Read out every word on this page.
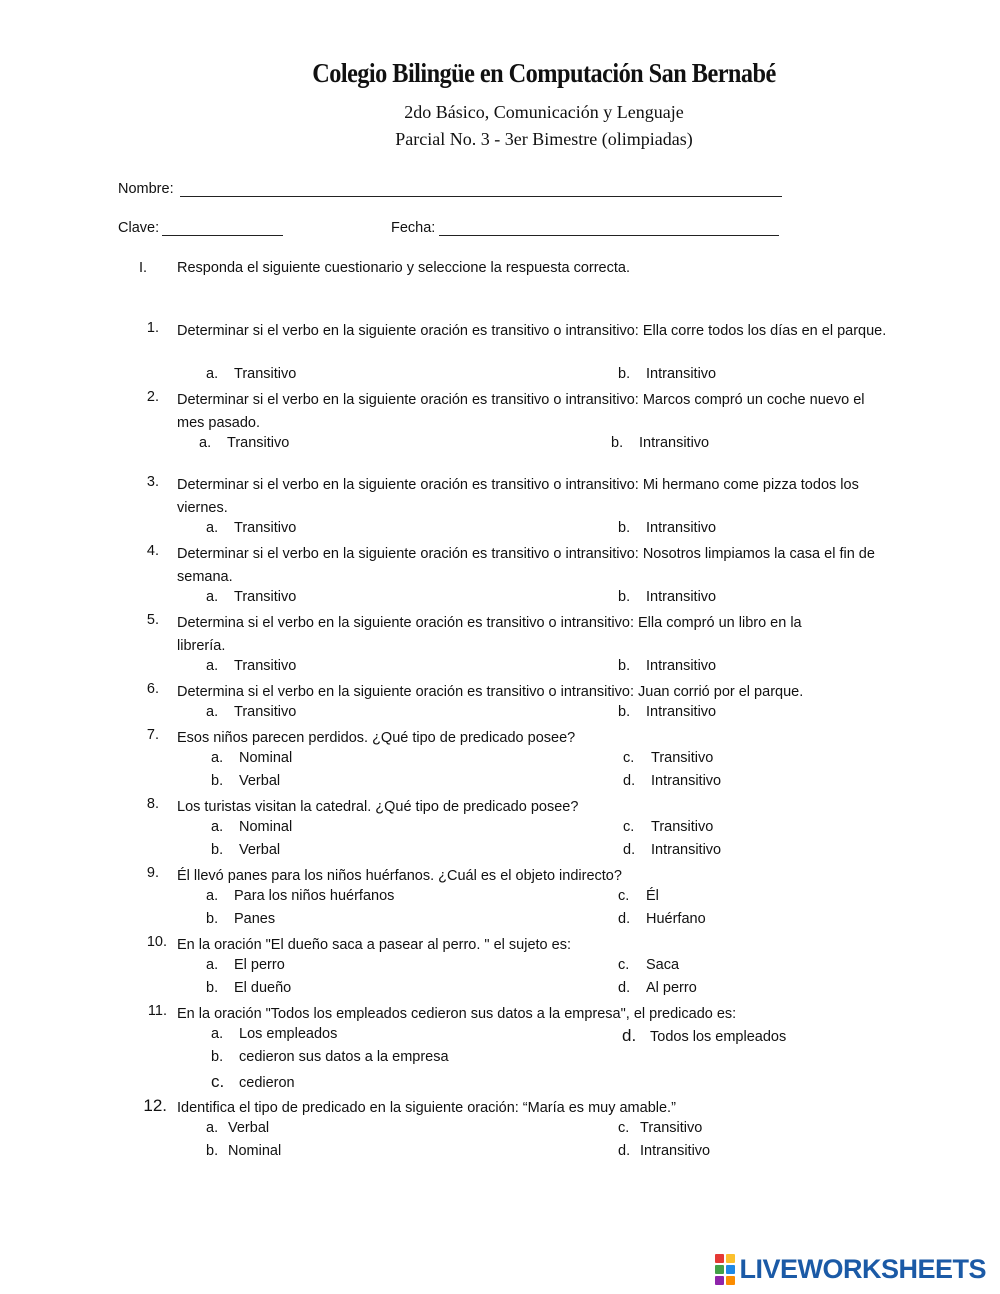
Colegio Bilingüe en Computación San Bernabé
2do Básico, Comunicación y Lenguaje
Parcial No. 3 - 3er Bimestre (olimpiadas)
Nombre:
Clave:	Fecha:
I. Responda el siguiente cuestionario y seleccione la respuesta correcta.
1. Determinar si el verbo en la siguiente oración es transitivo o intransitivo: Ella corre todos los días en el parque.
a. Transitivo	b. Intransitivo
2. Determinar si el verbo en la siguiente oración es transitivo o intransitivo: Marcos compró un coche nuevo el mes pasado.
a. Transitivo	b. Intransitivo
3. Determinar si el verbo en la siguiente oración es transitivo o intransitivo: Mi hermano come pizza todos los viernes.
a. Transitivo	b. Intransitivo
4. Determinar si el verbo en la siguiente oración es transitivo o intransitivo: Nosotros limpiamos la casa el fin de semana.
a. Transitivo	b. Intransitivo
5. Determina si el verbo en la siguiente oración es transitivo o intransitivo: Ella compró un libro en la librería.
a. Transitivo	b. Intransitivo
6. Determina si el verbo en la siguiente oración es transitivo o intransitivo: Juan corrió por el parque.
a. Transitivo	b. Intransitivo
7. Esos niños parecen perdidos. ¿Qué tipo de predicado posee?
a. Nominal
b. Verbal
c. Transitivo
d. Intransitivo
8. Los turistas visitan la catedral. ¿Qué tipo de predicado posee?
a. Nominal
b. Verbal
c. Transitivo
d. Intransitivo
9. Él llevó panes para los niños huérfanos. ¿Cuál es el objeto indirecto?
a. Para los niños huérfanos
b. Panes
c. Él
d. Huérfano
10. En la oración "El dueño saca a pasear al perro. " el sujeto es:
a. El perro
b. El dueño
c. Saca
d. Al perro
11. En la oración "Todos los empleados cedieron sus datos a la empresa", el predicado es:
a. Los empleados
b. cedieron sus datos a la empresa
c. cedieron
d. Todos los empleados
12. Identifica el tipo de predicado en la siguiente oración: “María es muy amable.”
a. Verbal
b. Nominal
c. Transitivo
d. Intransitivo
LIVEWORKSHEETS
